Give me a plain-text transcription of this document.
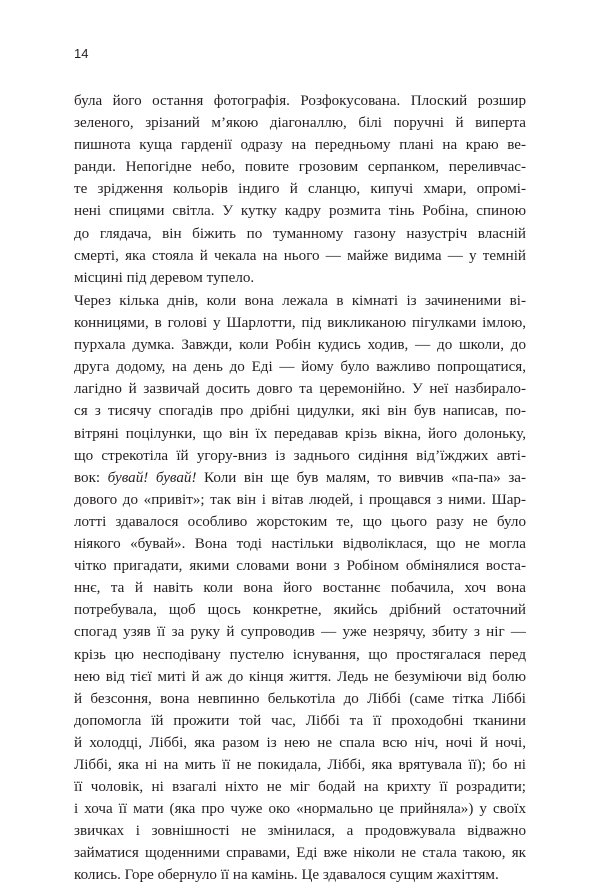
14
була його остання фотографія. Розфокусована. Плоский розшир
зеленого, зрізаний м’якою діагоналлю, білі поручні й виперта
пишнота куща гарденії одразу на передньому плані на краю ве-
ранди. Непогідне небо, повите грозовим серпанком, переливчас-
те зрідження кольорів індиго й сланцю, кипучі хмари, опромі-
нені спицями світла. У кутку кадру розмита тінь Робіна, спиною
до глядача, він біжить по туманному газону назустріч власній
смерті, яка стояла й чекала на нього — майже видима — у темній
місцині під деревом тупело.
Через кілька днів, коли вона лежала в кімнаті із зачиненими ві-
конницями, в голові у Шарлотти, під викликаною пігулками імлою,
пурхала думка. Завжди, коли Робін кудись ходив, — до школи, до
друга додому, на день до Еді — йому було важливо попрощатися,
лагідно й зазвичай досить довго та церемонійно. У неї назбирало-
ся з тисячу спогадів про дрібні цидулки, які він був написав, по-
вітряні поцілунки, що він їх передавав крізь вікна, його долоньку,
що стрекотіла їй угору-вниз із заднього сидіння від’їжджих авті-
вок: бувай! бувай! Коли він ще був малям, то вивчив «па-па» за-
дового до «привіт»; так він і вітав людей, і прощався з ними. Шар-
лотті здавалося особливо жорстоким те, що цього разу не було
ніякого «бувай». Вона тоді настільки відволіклася, що не могла
чітко пригадати, якими словами вони з Робіном обмінялися воста-
ннє, та й навіть коли вона його востаннє побачила, хоч вона
потребувала, щоб щось конкретне, якийсь дрібний остаточний
спогад узяв її за руку й супроводив — уже незрячу, збиту з ніг —
крізь цю несподівану пустелю існування, що простягалася перед
нею від тієї миті й аж до кінця життя. Ледь не безуміючи від болю
й безсоння, вона невпинно белькотіла до Ліббі (саме тітка Ліббі
допомогла їй прожити той час, Ліббі та її проходобні тканини
й холодці, Ліббі, яка разом із нею не спала всю ніч, ночі й ночі,
Ліббі, яка ні на мить її не покидала, Ліббі, яка врятувала її); бо ні
її чоловік, ні взагалі ніхто не міг бодай на крихту її розрадити;
і хоча її мати (яка про чуже око «нормально це прийняла») у своїх
звичках і зовнішності не змінилася, а продовжувала відважно
займатися щоденними справами, Еді вже ніколи не стала такою, як
колись. Горе обернуло її на камінь. Це здавалося сущим жахіттям.
